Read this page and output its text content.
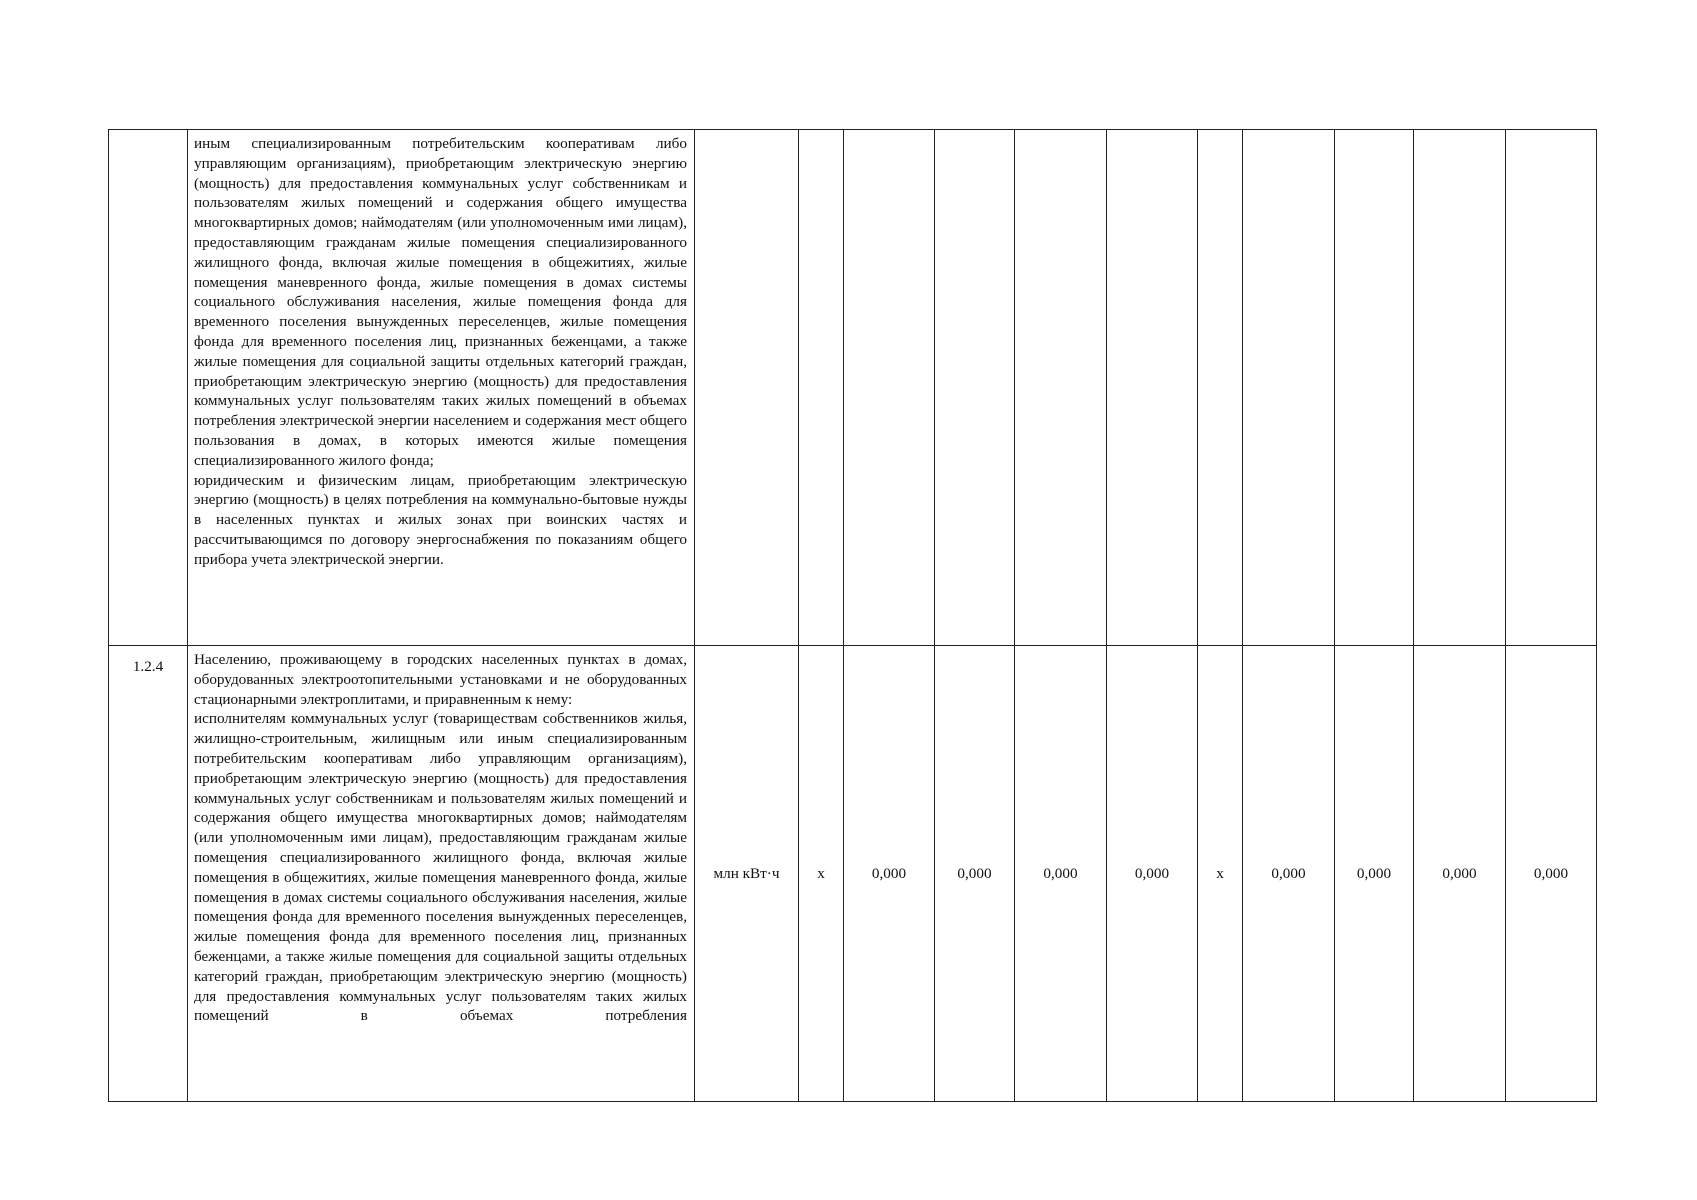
	иным специализированным потребительским кооперативам либо управляющим организациям), приобретающим электрическую энергию (мощность) для предоставления коммунальных услуг собственникам и пользователям жилых помещений и содержания общего имущества многоквартирных домов; наймодателям (или уполномоченным ими лицам), предоставляющим гражданам жилые помещения специализированного жилищного фонда, включая жилые помещения в общежитиях, жилые помещения маневренного фонда, жилые помещения в домах системы социального обслуживания населения, жилые помещения фонда для временного поселения вынужденных переселенцев, жилые помещения фонда для временного поселения лиц, признанных беженцами, а также жилые помещения для социальной защиты отдельных категорий граждан, приобретающим электрическую энергию (мощность) для предоставления коммунальных услуг пользователям таких жилых помещений в объемах потребления электрической энергии населением и содержания мест общего пользования в домах, в которых имеются жилые помещения специализированного жилого фонда;
юридическим и физическим лицам, приобретающим электрическую энергию (мощность) в целях потребления на коммунально-бытовые нужды в населенных пунктах и жилых зонах при воинских частях и рассчитывающимся по договору энергоснабжения по показаниям общего прибора учета электрической энергии.											

1.2.4	Населению, проживающему в городских населенных пунктах в домах, оборудованных электроотопительными установками и не оборудованных стационарными электроплитами, и приравненным к нему:
исполнителям коммунальных услуг (товариществам собственников жилья, жилищно-строительным, жилищным или иным специализированным потребительским кооперативам либо управляющим организациям), приобретающим электрическую энергию (мощность) для предоставления коммунальных услуг собственникам и пользователям жилых помещений и содержания общего имущества многоквартирных домов; наймодателям (или уполномоченным ими лицам), предоставляющим гражданам жилые помещения специализированного жилищного фонда, включая жилые помещения в общежитиях, жилые помещения маневренного фонда, жилые помещения в домах системы социального обслуживания населения, жилые помещения фонда для временного поселения вынужденных переселенцев, жилые помещения фонда для временного поселения лиц, признанных беженцами, а также жилые помещения для социальной защиты отдельных категорий граждан, приобретающим электрическую энергию (мощность) для предоставления коммунальных услуг пользователям таких жилых помещений в объемах потребления	млн кВт·ч	х	0,000	0,000	0,000	0,000	х	0,000	0,000	0,000	0,000
